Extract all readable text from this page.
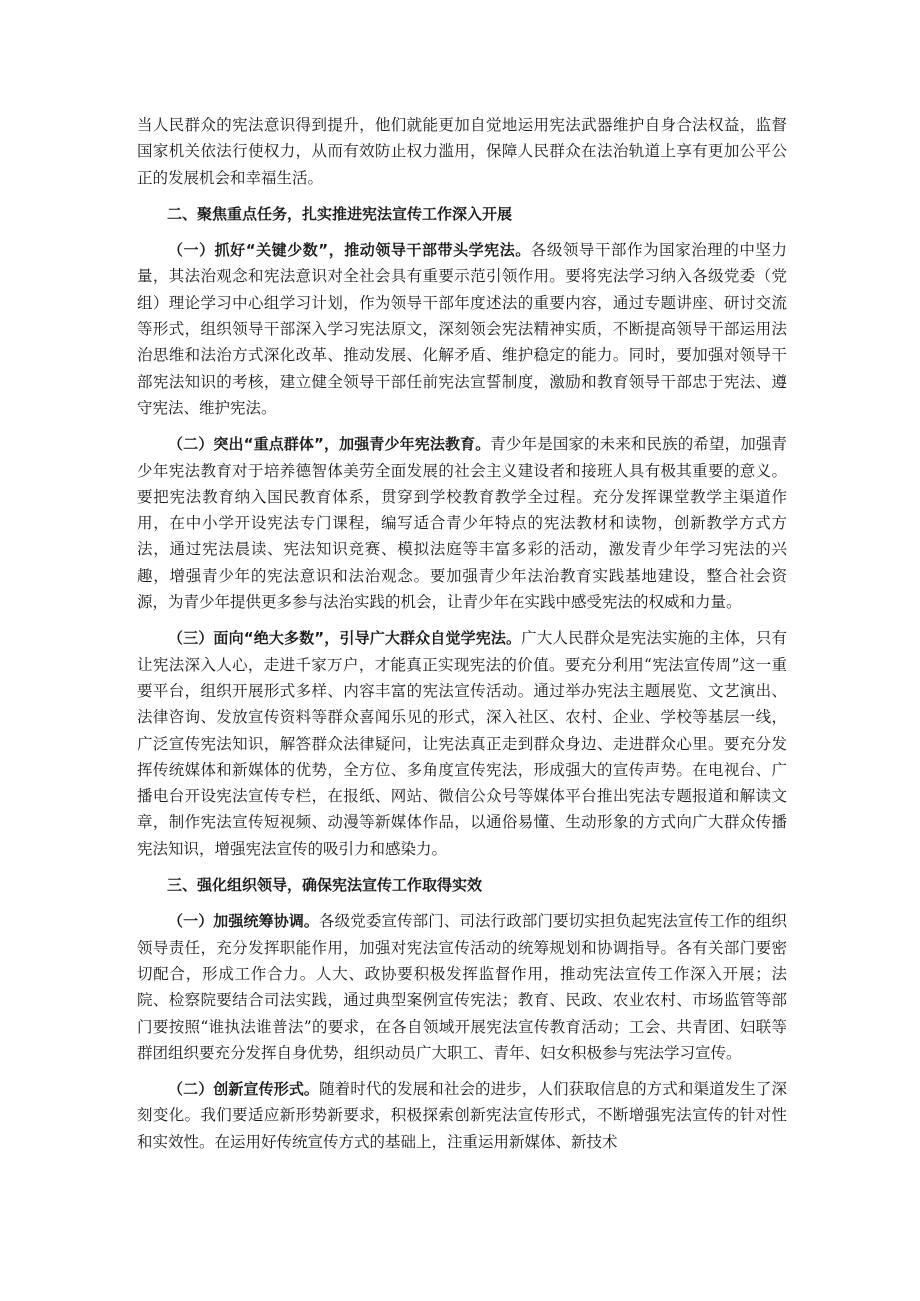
当人民群众的宪法意识得到提升，他们就能更加自觉地运用宪法武器维护自身合法权益，监督国家机关依法行使权力，从而有效防止权力滥用，保障人民群众在法治轨道上享有更加公平公正的发展机会和幸福生活。

二、聚焦重点任务，扎实推进宪法宣传工作深入开展

（一）抓好“关键少数”，推动领导干部带头学宪法。各级领导干部作为国家治理的中坚力量，其法治观念和宪法意识对全社会具有重要示范引领作用。要将宪法学习纳入各级党委（党组）理论学习中心组学习计划，作为领导干部年度述法的重要内容，通过专题讲座、研讨交流等形式，组织领导干部深入学习宪法原文，深刻领会宪法精神实质，不断提高领导干部运用法治思维和法治方式深化改革、推动发展、化解矛盾、维护稳定的能力。同时，要加强对领导干部宪法知识的考核，建立健全领导干部任前宪法宣誓制度，激励和教育领导干部忠于宪法、遵守宪法、维护宪法。

（二）突出“重点群体”，加强青少年宪法教育。青少年是国家的未来和民族的希望，加强青少年宪法教育对于培养德智体美劳全面发展的社会主义建设者和接班人具有极其重要的意义。要把宪法教育纳入国民教育体系，贯穿到学校教育教学全过程。充分发挥课堂教学主渠道作用，在中小学开设宪法专门课程，编写适合青少年特点的宪法教材和读物，创新教学方式方法，通过宪法晨读、宪法知识竞赛、模拟法庭等丰富多彩的活动，激发青少年学习宪法的兴趣，增强青少年的宪法意识和法治观念。要加强青少年法治教育实践基地建设，整合社会资源，为青少年提供更多参与法治实践的机会，让青少年在实践中感受宪法的权威和力量。

（三）面向“绝大多数”，引导广大群众自觉学宪法。广大人民群众是宪法实施的主体，只有让宪法深入人心，走进千家万户，才能真正实现宪法的价值。要充分利用“宪法宣传周”这一重要平台，组织开展形式多样、内容丰富的宪法宣传活动。通过举办宪法主题展览、文艺演出、法律咨询、发放宣传资料等群众喜闻乐见的形式，深入社区、农村、企业、学校等基层一线，广泛宣传宪法知识，解答群众法律疑问，让宪法真正走到群众身边、走进群众心里。要充分发挥传统媒体和新媒体的优势，全方位、多角度宣传宪法，形成强大的宣传声势。在电视台、广播电台开设宪法宣传专栏，在报纸、网站、微信公众号等媒体平台推出宪法专题报道和解读文章，制作宪法宣传短视频、动漫等新媒体作品，以通俗易懂、生动形象的方式向广大群众传播宪法知识，增强宪法宣传的吸引力和感染力。

三、强化组织领导，确保宪法宣传工作取得实效

（一）加强统筹协调。各级党委宣传部门、司法行政部门要切实担负起宪法宣传工作的组织领导责任，充分发挥职能作用，加强对宪法宣传活动的统筹规划和协调指导。各有关部门要密切配合，形成工作合力。人大、政协要积极发挥监督作用，推动宪法宣传工作深入开展；法院、检察院要结合司法实践，通过典型案例宣传宪法；教育、民政、农业农村、市场监管等部门要按照“谁执法谁普法”的要求，在各自领域开展宪法宣传教育活动；工会、共青团、妇联等群团组织要充分发挥自身优势，组织动员广大职工、青年、妇女积极参与宪法学习宣传。

（二）创新宣传形式。随着时代的发展和社会的进步，人们获取信息的方式和渠道发生了深刻变化。我们要适应新形势新要求，积极探索创新宪法宣传形式，不断增强宪法宣传的针对性和实效性。在运用好传统宣传方式的基础上，注重运用新媒体、新技术
